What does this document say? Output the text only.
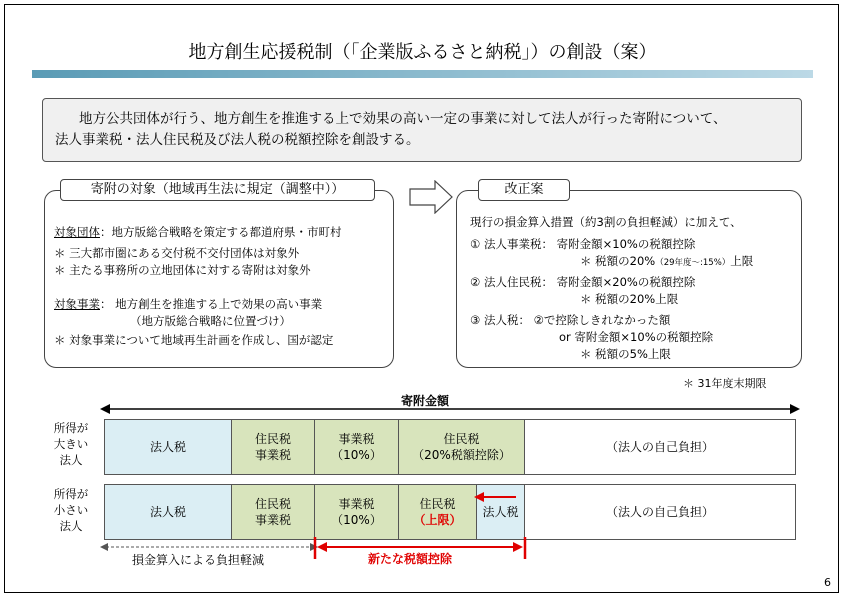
地方創生応援税制（「企業版ふるさと納税」）の創設（案）
地方公共団体が行う、地方創生を推進する上で効果の高い一定の事業に対して法人が行った寄附について、
法人事業税・法人住民税及び法人税の税額控除を創設する。
寄附の対象（地域再生法に規定（調整中））
対象団体：地方版総合戦略を策定する都道府県・市町村
＊ 三大都市圏にある交付税不交付団体は対象外
＊ 主たる事務所の立地団体に対する寄附は対象外
対象事業： 地方創生を推進する上で効果の高い事業
（地方版総合戦略に位置づけ）
＊ 対象事業について地域再生計画を作成し、国が認定
改正案
現行の損金算入措置（約3割の負担軽減）に加えて、
① 法人事業税： 寄附金額×10%の税額控除
＊ 税額の20%（29年度～:15%）上限
② 法人住民税： 寄附金額×20%の税額控除
＊ 税額の20%上限
③ 法人税： ②で控除しきれなかった額
or 寄附金額×10%の税額控除
＊ 税額の5%上限
＊ 31年度末期限
寄附金額
所得が
大きい
法人
法人税
住民税
事業税
事業税
（10%）
住民税
（20%税額控除）
（法人の自己負担）
所得が
小さい
法人
法人税
住民税
事業税
事業税
（10%）
住民税
（上限）
法人税	（法人の自己負担）
損金算入による負担軽減	新たな税額控除
6
